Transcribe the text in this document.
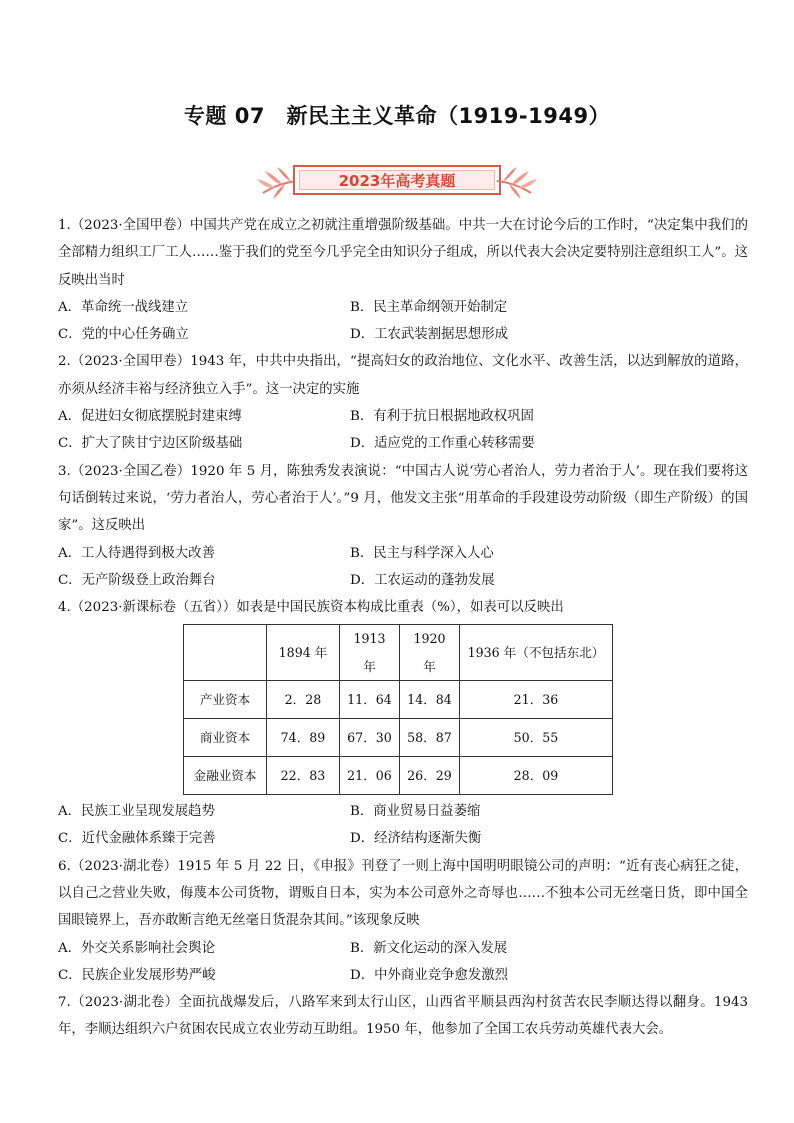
专题 07　新民主主义革命（1919-1949）
2023年高考真题

1.（2023·全国甲卷）中国共产党在成立之初就注重增强阶级基础。中共一大在讨论今后的工作时，“决定集中我们的全部精力组织工厂工人……鉴于我们的党至今几乎完全由知识分子组成，所以代表大会决定要特别注意组织工人”。这反映出当时

A．革命统一战线建立	B．民主革命纲领开始制定
C．党的中心任务确立	D．工农武装割据思想形成

2.（2023·全国甲卷）1943 年，中共中央指出，“提高妇女的政治地位、文化水平、改善生活，以达到解放的道路，亦须从经济丰裕与经济独立入手”。这一决定的实施

A．促进妇女彻底摆脱封建束缚	B．有利于抗日根据地政权巩固
C．扩大了陕甘宁边区阶级基础	D．适应党的工作重心转移需要

3.（2023·全国乙卷）1920 年 5 月，陈独秀发表演说：“中国古人说‘劳心者治人，劳力者治于人’。现在我们要将这句话倒转过来说，‘劳力者治人，劳心者治于人’。”9 月，他发文主张“用革命的手段建设劳动阶级（即生产阶级）的国家”。这反映出

A．工人待遇得到极大改善	B．民主与科学深入人心
C．无产阶级登上政治舞台	D．工农运动的蓬勃发展

4.（2023·新课标卷（五省））如表是中国民族资本构成比重表（%），如表可以反映出

	1894 年	1913 年	1920 年	1936 年（不包括东北）
产业资本	2．28	11．64	14．84	21．36
商业资本	74．89	67．30	58．87	50．55
金融业资本	22．83	21．06	26．29	28．09
A．民族工业呈现发展趋势	B．商业贸易日益萎缩
C．近代金融体系臻于完善	D．经济结构逐渐失衡

6.（2023·湖北卷）1915 年 5 月 22 日，《申报》刊登了一则上海中国明明眼镜公司的声明：“近有丧心病狂之徒，以自己之营业失败，侮蔑本公司货物，谓贩自日本，实为本公司意外之奇辱也……不独本公司无丝毫日货，即中国全国眼镜界上，吾亦敢断言绝无丝毫日货混杂其间。”该现象反映

A．外交关系影响社会舆论	B．新文化运动的深入发展
C．民族企业发展形势严峻	D．中外商业竞争愈发激烈

7.（2023·湖北卷）全面抗战爆发后，八路军来到太行山区，山西省平顺县西沟村贫苦农民李顺达得以翻身。1943 年，李顺达组织六户贫困农民成立农业劳动互助组。1950 年，他参加了全国工农兵劳动英雄代表大会。
